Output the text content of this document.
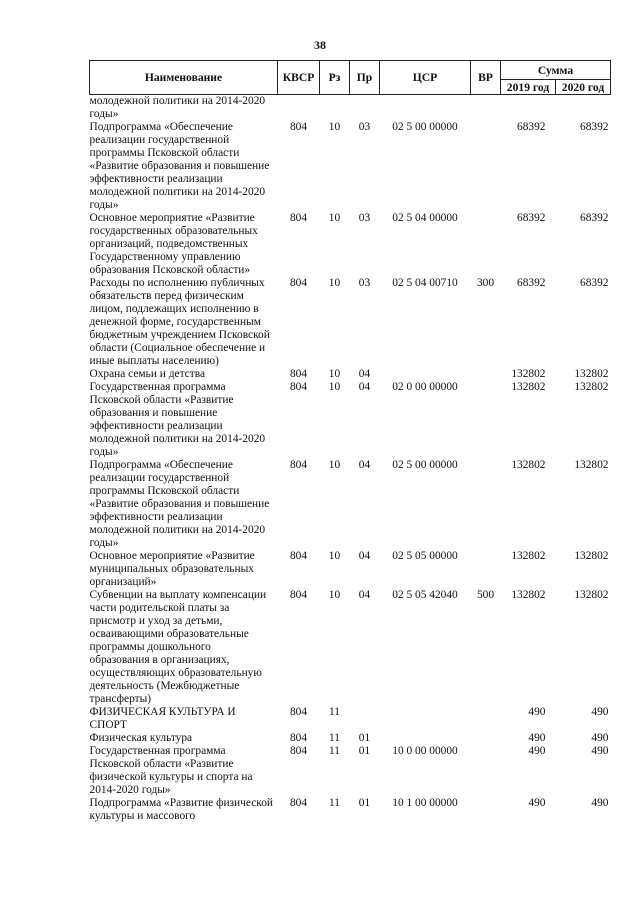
38
Наименование	КВСР	Рз	Пр	ЦСР	ВР	Сумма	
						2019 год	2020 год
молодежной политики на 2014-2020 годы»							
Подпрограмма «Обеспечение реализации государственной программы Псковской области «Развитие образования и повышение эффективности реализации молодежной политики на 2014-2020 годы»	804	10	03	02 5 00 00000		68392	68392
Основное мероприятие «Развитие государственных образовательных организаций, подведомственных Государственному управлению образования Псковской области»	804	10	03	02 5 04 00000		68392	68392
Расходы по исполнению публичных обязательств перед физическим лицом, подлежащих исполнению в денежной форме, государственным бюджетным учреждением Псковской области (Социальное обеспечение и иные выплаты населению)	804	10	03	02 5 04 00710	300	68392	68392
Охрана семьи и детства	804	10	04			132802	132802
Государственная программа Псковской области «Развитие образования и повышение эффективности реализации молодежной политики на 2014-2020 годы»	804	10	04	02 0 00 00000		132802	132802
Подпрограмма «Обеспечение реализации государственной программы Псковской области «Развитие образования и повышение эффективности реализации молодежной политики на 2014-2020 годы»	804	10	04	02 5 00 00000		132802	132802
Основное мероприятие «Развитие муниципальных образовательных организаций»	804	10	04	02 5 05 00000		132802	132802
Субвенции на выплату компенсации части родительской платы за присмотр и уход за детьми, осваивающими образовательные программы дошкольного образования в организациях, осуществляющих образовательную деятельность (Межбюджетные трансферты)	804	10	04	02 5 05 42040	500	132802	132802
ФИЗИЧЕСКАЯ КУЛЬТУРА И СПОРТ	804	11				490	490
Физическая культура	804	11	01			490	490
Государственная программа Псковской области «Развитие физической культуры и спорта на 2014-2020 годы»	804	11	01	10 0 00 00000		490	490
Подпрограмма «Развитие физической культуры и массового	804	11	01	10 1 00 00000		490	490
